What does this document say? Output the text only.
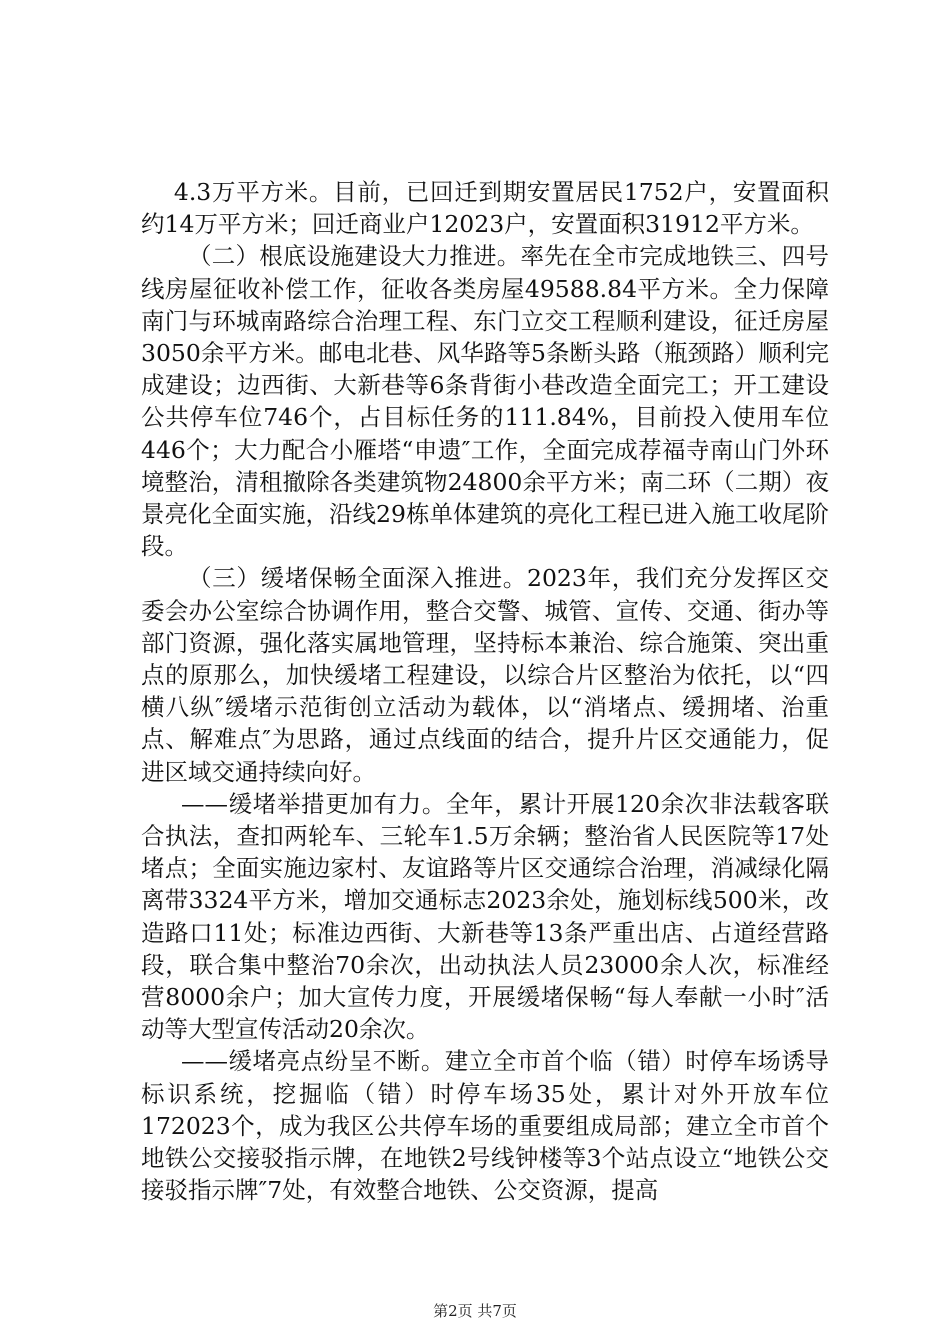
4.3万平方米。目前，已回迁到期安置居民1752户，安置面积约14万平方米；回迁商业户12023户，安置面积31912平方米。

（二）根底设施建设大力推进。率先在全市完成地铁三、四号线房屋征收补偿工作，征收各类房屋49588.84平方米。全力保障南门与环城南路综合治理工程、东门立交工程顺利建设，征迁房屋3050余平方米。邮电北巷、风华路等5条断头路（瓶颈路）顺利完成建设；边西街、大新巷等6条背街小巷改造全面完工；开工建设公共停车位746个，占目标任务的111.84%，目前投入使用车位446个；大力配合小雁塔“申遗″工作，全面完成荐福寺南山门外环境整治，清租撤除各类建筑物24800余平方米；南二环（二期）夜景亮化全面实施，沿线29栋单体建筑的亮化工程已进入施工收尾阶段。

（三）缓堵保畅全面深入推进。2023年，我们充分发挥区交委会办公室综合协调作用，整合交警、城管、宣传、交通、街办等部门资源，强化落实属地管理，坚持标本兼治、综合施策、突出重点的原那么，加快缓堵工程建设，以综合片区整治为依托，以“四横八纵″缓堵示范街创立活动为载体，以“消堵点、缓拥堵、治重点、解难点″为思路，通过点线面的结合，提升片区交通能力，促进区域交通持续向好。

——缓堵举措更加有力。全年，累计开展120余次非法载客联合执法，查扣两轮车、三轮车1.5万余辆；整治省人民医院等17处堵点；全面实施边家村、友谊路等片区交通综合治理，消减绿化隔离带3324平方米，增加交通标志2023余处，施划标线500米，改造路口11处；标准边西街、大新巷等13条严重出店、占道经营路段，联合集中整治70余次，出动执法人员23000余人次，标准经营8000余户；加大宣传力度，开展缓堵保畅“每人奉献一小时″活动等大型宣传活动20余次。

——缓堵亮点纷呈不断。建立全市首个临（错）时停车场诱导标识系统，挖掘临（错）时停车场35处，累计对外开放车位172023个，成为我区公共停车场的重要组成局部；建立全市首个地铁公交接驳指示牌，在地铁2号线钟楼等3个站点设立“地铁公交接驳指示牌″7处，有效整合地铁、公交资源，提高

第2页 共7页
